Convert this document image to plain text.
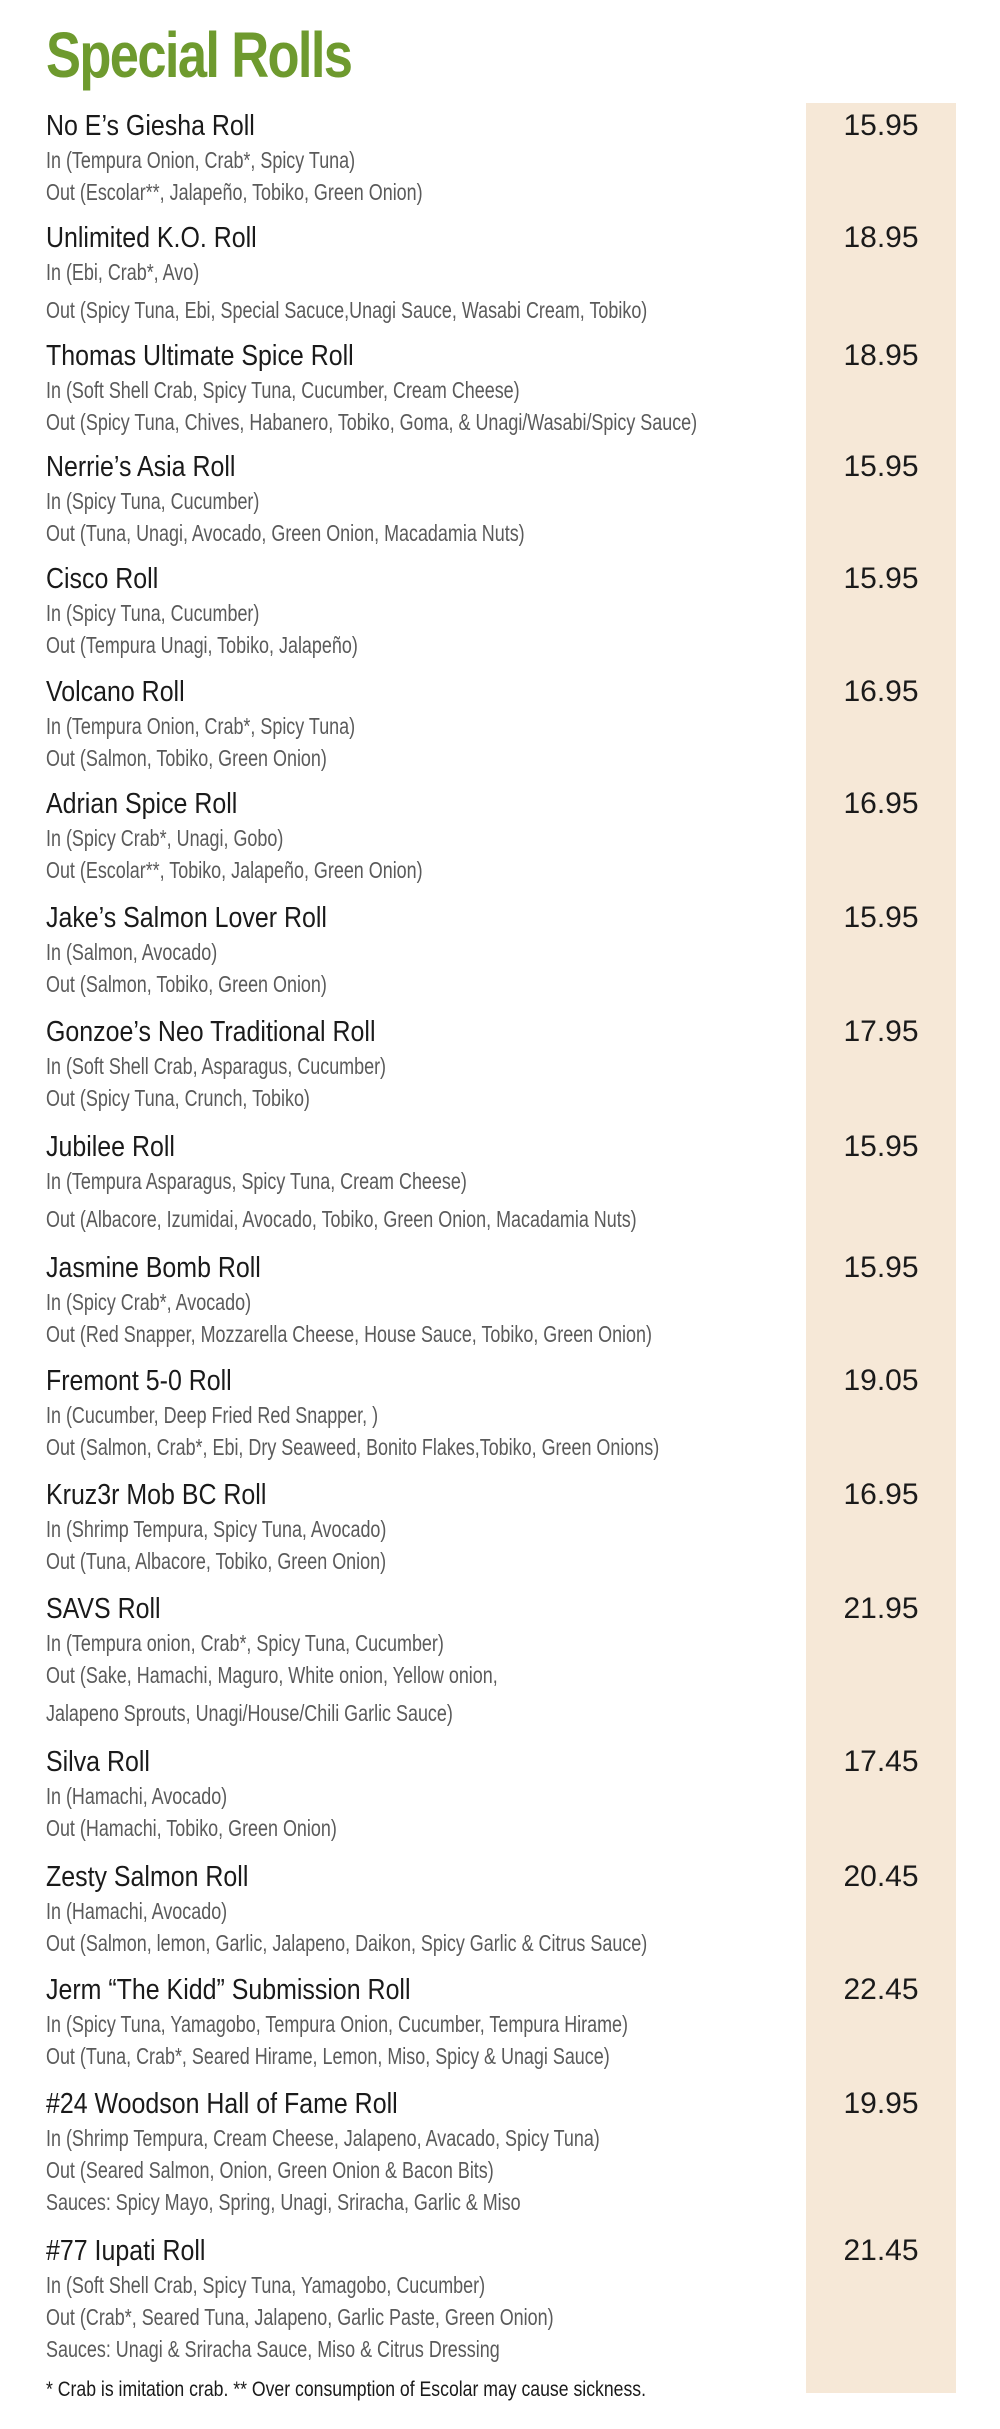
Special Rolls
No E’s Giesha Roll
In (Tempura Onion, Crab*, Spicy Tuna)
Out (Escolar**, Jalapeño, Tobiko, Green Onion)
15.95
Unlimited K.O. Roll
In (Ebi, Crab*, Avo)
Out (Spicy Tuna, Ebi, Special Sacuce,Unagi Sauce, Wasabi Cream, Tobiko)
18.95
Thomas Ultimate Spice Roll
In (Soft Shell Crab, Spicy Tuna, Cucumber, Cream Cheese)
Out (Spicy Tuna, Chives, Habanero, Tobiko, Goma, & Unagi/Wasabi/Spicy Sauce)
18.95
Nerrie’s Asia Roll
In (Spicy Tuna, Cucumber)
Out (Tuna, Unagi, Avocado, Green Onion, Macadamia Nuts)
15.95
Cisco Roll
In (Spicy Tuna, Cucumber)
Out (Tempura Unagi, Tobiko, Jalapeño)
15.95
Volcano Roll
In (Tempura Onion, Crab*, Spicy Tuna)
Out (Salmon, Tobiko, Green Onion)
16.95
Adrian Spice Roll
In (Spicy Crab*, Unagi, Gobo)
Out (Escolar**, Tobiko, Jalapeño, Green Onion)
16.95
Jake’s Salmon Lover Roll
In (Salmon, Avocado)
Out (Salmon, Tobiko, Green Onion)
15.95
Gonzoe’s Neo Traditional Roll
In (Soft Shell Crab, Asparagus, Cucumber)
Out (Spicy Tuna, Crunch, Tobiko)
17.95
Jubilee Roll
In (Tempura Asparagus, Spicy Tuna, Cream Cheese)
Out (Albacore, Izumidai, Avocado, Tobiko, Green Onion, Macadamia Nuts)
15.95
Jasmine Bomb Roll
In (Spicy Crab*, Avocado)
Out (Red Snapper, Mozzarella Cheese, House Sauce, Tobiko, Green Onion)
15.95
Fremont 5-0 Roll
In (Cucumber, Deep Fried Red Snapper, )
Out (Salmon, Crab*, Ebi, Dry Seaweed, Bonito Flakes,Tobiko, Green Onions)
19.05
Kruz3r Mob BC Roll
In (Shrimp Tempura, Spicy Tuna, Avocado)
Out (Tuna, Albacore, Tobiko, Green Onion)
16.95
SAVS Roll
In (Tempura onion, Crab*, Spicy Tuna, Cucumber)
Out (Sake, Hamachi, Maguro, White onion, Yellow onion,
Jalapeno Sprouts, Unagi/House/Chili Garlic Sauce)
21.95
Silva Roll
In (Hamachi, Avocado)
Out (Hamachi, Tobiko, Green Onion)
17.45
Zesty Salmon Roll
In (Hamachi, Avocado)
Out (Salmon, lemon, Garlic, Jalapeno, Daikon, Spicy Garlic & Citrus Sauce)
20.45
Jerm “The Kidd” Submission Roll
In (Spicy Tuna, Yamagobo, Tempura Onion, Cucumber, Tempura Hirame)
Out (Tuna, Crab*, Seared Hirame, Lemon, Miso, Spicy & Unagi Sauce)
22.45
#24 Woodson Hall of Fame Roll
In (Shrimp Tempura, Cream Cheese, Jalapeno, Avacado, Spicy Tuna)
Out (Seared Salmon, Onion, Green Onion & Bacon Bits)
Sauces: Spicy Mayo, Spring, Unagi, Sriracha, Garlic & Miso
19.95
#77 Iupati Roll
In (Soft Shell Crab, Spicy Tuna, Yamagobo, Cucumber)
Out (Crab*, Seared Tuna, Jalapeno, Garlic Paste, Green Onion)
Sauces: Unagi & Sriracha Sauce, Miso & Citrus Dressing
21.45
* Crab is imitation crab. ** Over consumption of Escolar may cause sickness.
